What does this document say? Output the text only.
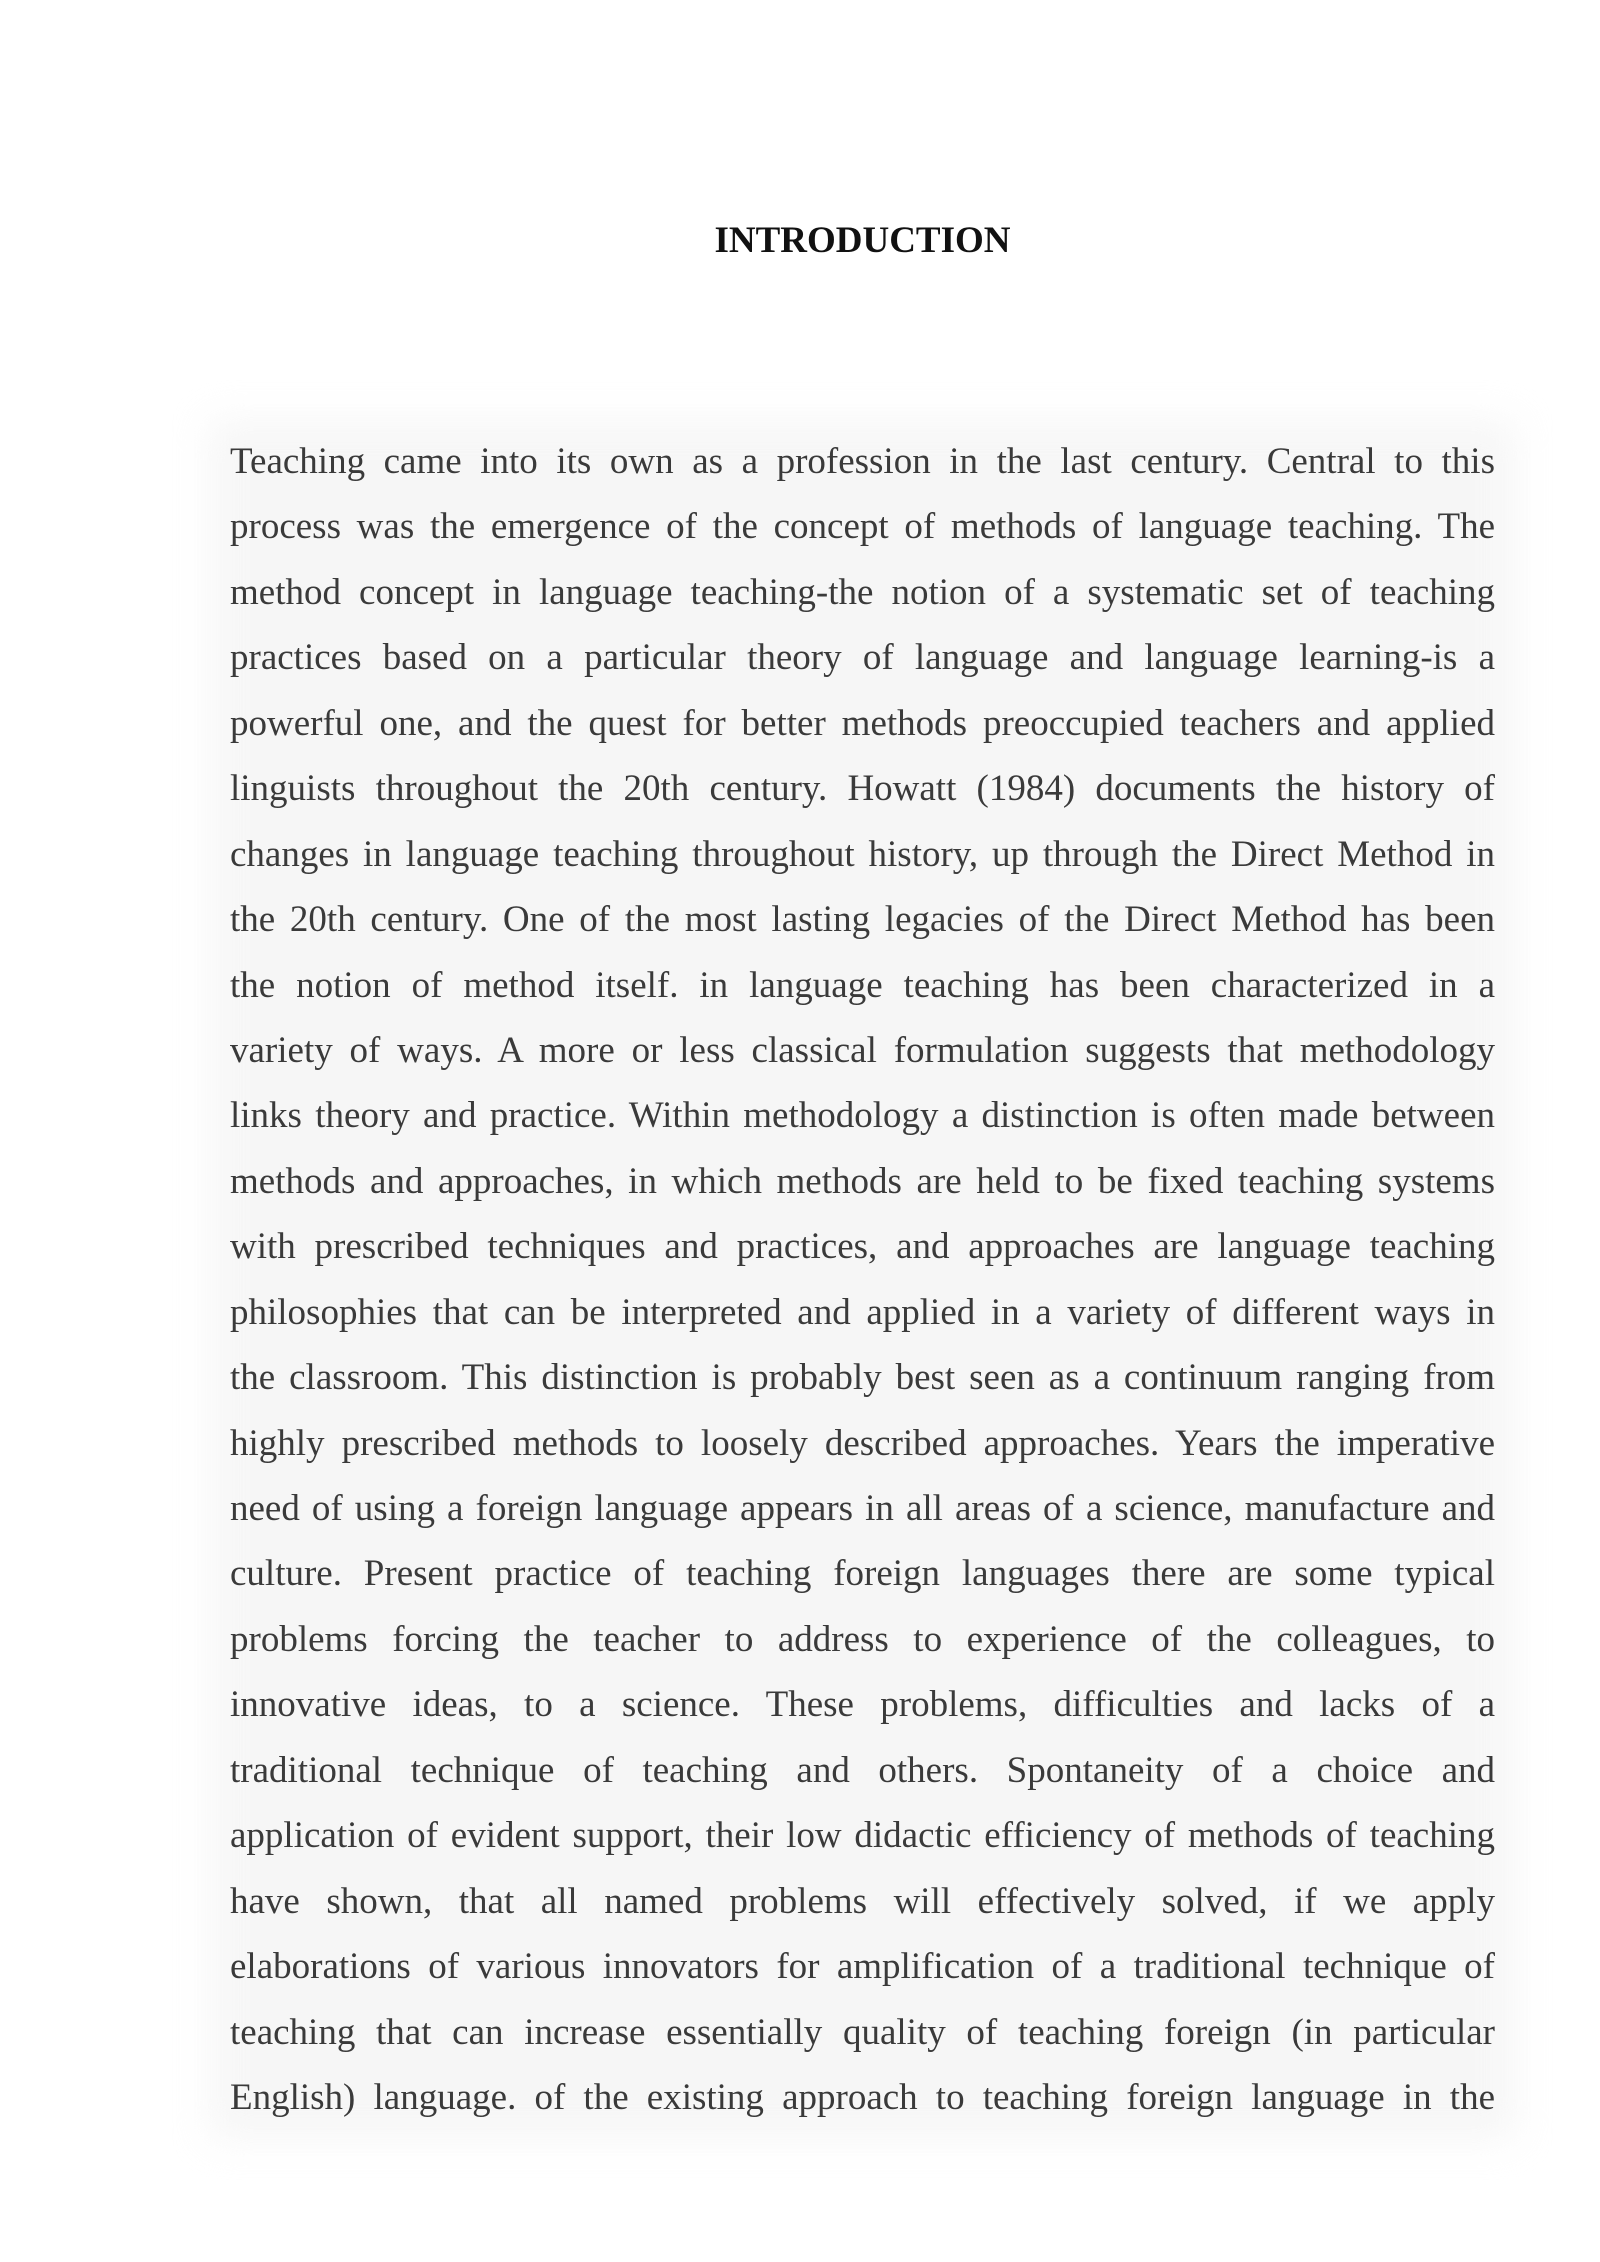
INTRODUCTION
Teaching came into its own as a profession in the last century. Central to this
process was the emergence of the concept of methods of language teaching. The
method concept in language teaching-the notion of a systematic set of teaching
practices based on a particular theory of language and language learning-is a
powerful one, and the quest for better methods preoccupied teachers and applied
linguists throughout the 20th century. Howatt (1984) documents the history of
changes in language teaching throughout history, up through the Direct Method in
the 20th century. One of the most lasting legacies of the Direct Method has been
the notion of method itself. in language teaching has been characterized in a
variety of ways. A more or less classical formulation suggests that methodology
links theory and practice. Within methodology a distinction is often made between
methods and approaches, in which methods are held to be fixed teaching systems
with prescribed techniques and practices, and approaches are language teaching
philosophies that can be interpreted and applied in a variety of different ways in
the classroom. This distinction is probably best seen as a continuum ranging from
highly prescribed methods to loosely described approaches. Years the imperative
need of using a foreign language appears in all areas of a science, manufacture and
culture. Present practice of teaching foreign languages there are some typical
problems forcing the teacher to address to experience of the colleagues, to
innovative ideas, to a science. These problems, difficulties and lacks of a
traditional technique of teaching and others. Spontaneity of a choice and
application of evident support, their low didactic efficiency of methods of teaching
have shown, that all named problems will effectively solved, if we apply
elaborations of various innovators for amplification of a traditional technique of
teaching that can increase essentially quality of teaching foreign (in particular
English) language. of the existing approach to teaching foreign language in the
